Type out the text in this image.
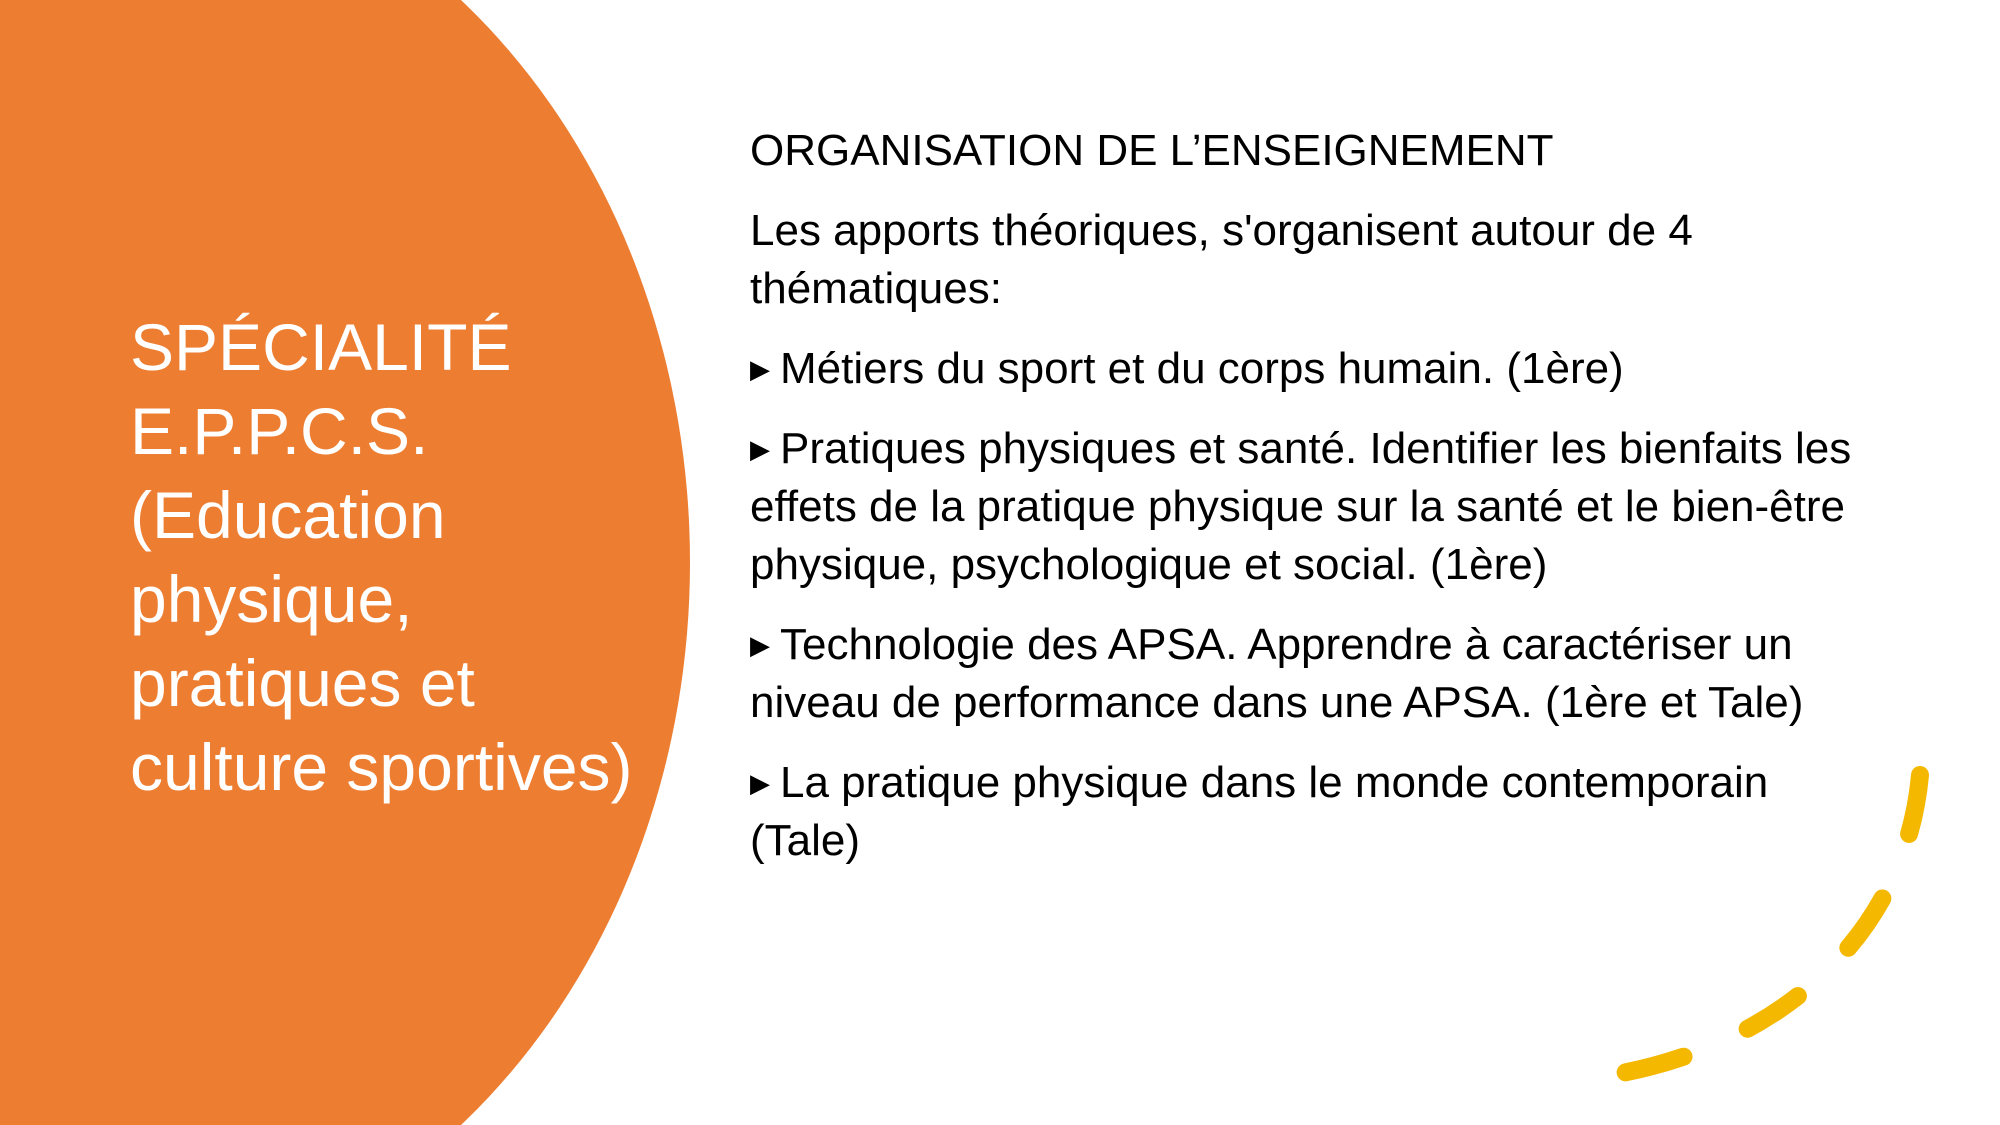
SPÉCIALITÉ E.P.P.C.S. (Education physique, pratiques et culture sportives)

ORGANISATION DE L’ENSEIGNEMENT

Les apports théoriques, s'organisent autour de 4 thématiques:

▶ Métiers du sport et du corps humain. (1ère)
▶ Pratiques physiques et santé. Identifier les bienfaits les effets de la pratique physique sur la santé et le bien-être physique, psychologique et social. (1ère)
▶ Technologie des APSA. Apprendre à caractériser un niveau de performance dans une APSA. (1ère et Tale)
▶ La pratique physique dans le monde contemporain (Tale)
